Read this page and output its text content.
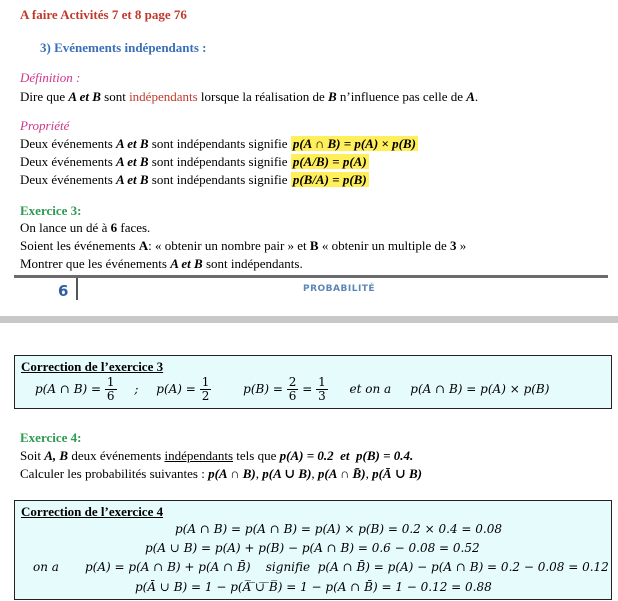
A faire Activités 7 et 8 page 76
3) Evénements indépendants :
Définition :
Dire que A et B sont indépendants lorsque la réalisation de B n’influence pas celle de A.
Propriété
Deux événements A et B sont indépendants signifie p(A ∩ B) = p(A) × p(B)
Deux événements A et B sont indépendants signifie p(A/B) = p(A)
Deux événements A et B sont indépendants signifie p(B/A) = p(B)
Exercice 3:
On lance un dé à 6 faces.
Soient les événements A: « obtenir un nombre pair » et B « obtenir un multiple de 3 »
Montrer que les événements A et B sont indépendants.
6	PROBABILITÉ
Correction de l’exercice 3
p(A ∩ $B) = \frac{1}{6}$ ; $p(A) = \frac{1}{2}$	$p(B) = \frac{2}{6} = \frac{1}{3}$ et on a     p(A ∩ B) = p(A) × p(B)
Exercice 4:
Soit A, B deux événements indépendants tels que p(A) = 0.2  et  p(B) = 0.4.
Calculer les probabilités suivantes : p(A ∩ B), p(A ∪ B), p(A ∩ B̄), p(Ā ∪ B)
Correction de l’exercice 4
p(A ∩ B) = p(A ∩ B) = p(A) × p(B) = 0.2 × 0.4 = 0.08
p(A ∪ B) = p(A) + p(B) − p(A ∩ B) = 0.6 − 0.08 = 0.52
on a p(A) = p(A ∩ B) + p(A ∩ B̄)    signifie  p(A ∩ B̄) = p(A) − p(A ∩ B) = 0.2 − 0.08 = 0.12
p(Ā ∪ B) = 1 − p(A̅ ̅∪̅ ̅B̅) = 1 − p(A ∩ B̄) = 1 − 0.12 = 0.88
